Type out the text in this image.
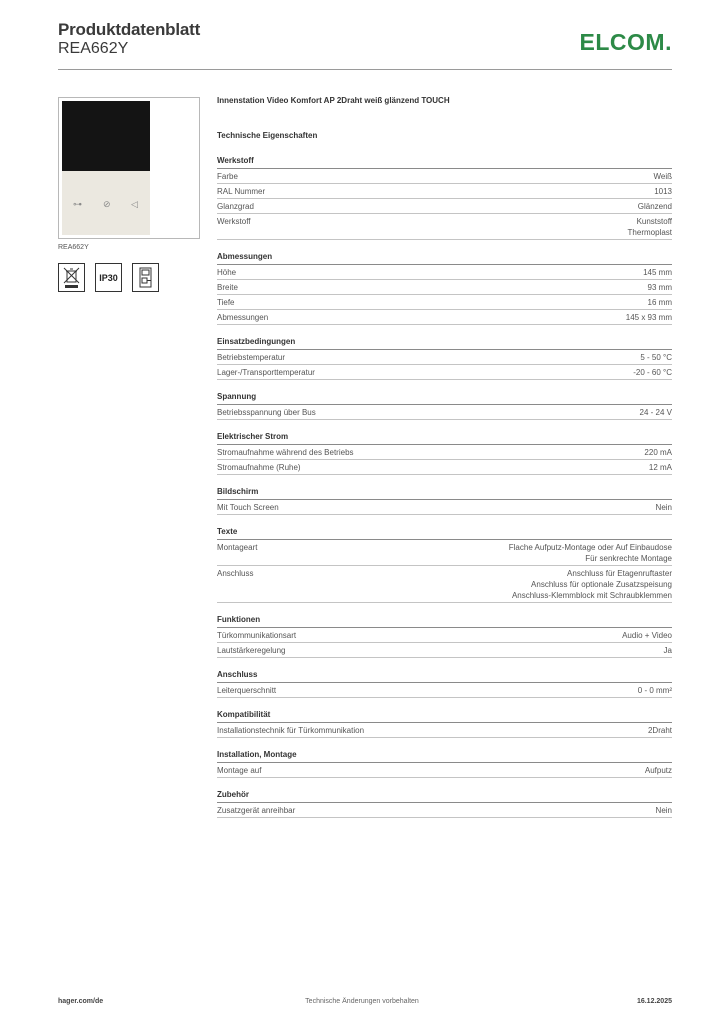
Produktdatenblatt
REA662Y	ELCOM.
⊶ ⊘ ◁
REA662Y
IP30

Innenstation Video Komfort AP 2Draht weiß glänzend TOUCH

Technische Eigenschaften
Werkstoff
Farbe	Weiß
RAL Nummer	1013
Glanzgrad	Glänzend
Werkstoff	Kunststoff
Thermoplast
Abmessungen
Höhe	145 mm
Breite	93 mm
Tiefe	16 mm
Abmessungen	145 x 93 mm
Einsatzbedingungen
Betriebstemperatur	5 - 50 °C
Lager-/Transporttemperatur	-20 - 60 °C
Spannung
Betriebsspannung über Bus	24 - 24 V
Elektrischer Strom
Stromaufnahme während des Betriebs	220 mA
Stromaufnahme (Ruhe)	12 mA
Bildschirm
Mit Touch Screen	Nein
Texte
Montageart	Flache Aufputz-Montage oder Auf Einbaudose
Für senkrechte Montage
Anschluss	Anschluss für Etagenruftaster
Anschluss für optionale Zusatzspeisung
Anschluss-Klemmblock mit Schraubklemmen
Funktionen
Türkommunikationsart	Audio + Video
Lautstärkeregelung	Ja
Anschluss
Leiterquerschnitt	0 - 0 mm²
Kompatibilität
Installationstechnik für Türkommunikation	2Draht
Installation, Montage
Montage auf	Aufputz
Zubehör
Zusatzgerät anreihbar	Nein
hager.com/de	Technische Änderungen vorbehalten	16.12.2025
